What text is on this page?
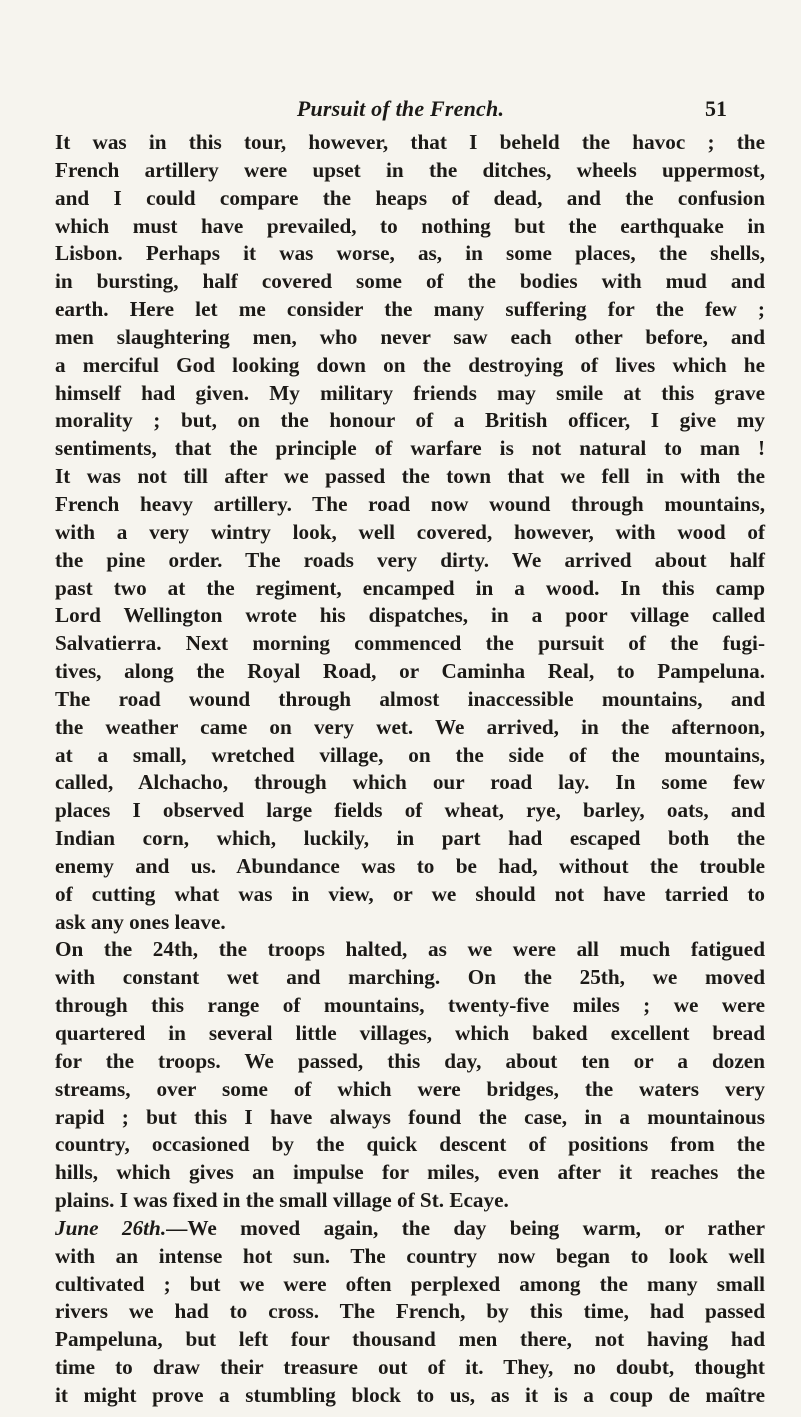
Pursuit of the French.	51

It was in this tour, however, that I beheld the havoc ; the

French artillery were upset in the ditches, wheels uppermost,

and I could compare the heaps of dead, and the confusion

which must have prevailed, to nothing but the earthquake in

Lisbon. Perhaps it was worse, as, in some places, the shells,

in bursting, half covered some of the bodies with mud and

earth. Here let me consider the many suffering for the few ;

men slaughtering men, who never saw each other before, and

a merciful God looking down on the destroying of lives which he

himself had given. My military friends may smile at this grave

morality ; but, on the honour of a British officer, I give my

sentiments, that the principle of warfare is not natural to man !

It was not till after we passed the town that we fell in with the

French heavy artillery. The road now wound through mountains,

with a very wintry look, well covered, however, with wood of

the pine order. The roads very dirty. We arrived about half

past two at the regiment, encamped in a wood. In this camp

Lord Wellington wrote his dispatches, in a poor village called

Salvatierra. Next morning commenced the pursuit of the fugi-

tives, along the Royal Road, or Caminha Real, to Pampeluna.

The road wound through almost inaccessible mountains, and

the weather came on very wet. We arrived, in the afternoon,

at a small, wretched village, on the side of the mountains,

called, Alchacho, through which our road lay. In some few

places I observed large fields of wheat, rye, barley, oats, and

Indian corn, which, luckily, in part had escaped both the

enemy and us. Abundance was to be had, without the trouble

of cutting what was in view, or we should not have tarried to

ask any ones leave.

On the 24th, the troops halted, as we were all much fatigued

with constant wet and marching. On the 25th, we moved

through this range of mountains, twenty-five miles ; we were

quartered in several little villages, which baked excellent bread

for the troops. We passed, this day, about ten or a dozen

streams, over some of which were bridges, the waters very

rapid ; but this I have always found the case, in a mountainous

country, occasioned by the quick descent of positions from the

hills, which gives an impulse for miles, even after it reaches the

plains. I was fixed in the small village of St. Ecaye.

June 26th.—We moved again, the day being warm, or rather

with an intense hot sun. The country now began to look well

cultivated ; but we were often perplexed among the many small

rivers we had to cross. The French, by this time, had passed

Pampeluna, but left four thousand men there, not having had

time to draw their treasure out of it. They, no doubt, thought

it might prove a stumbling block to us, as it is a coup de maître
